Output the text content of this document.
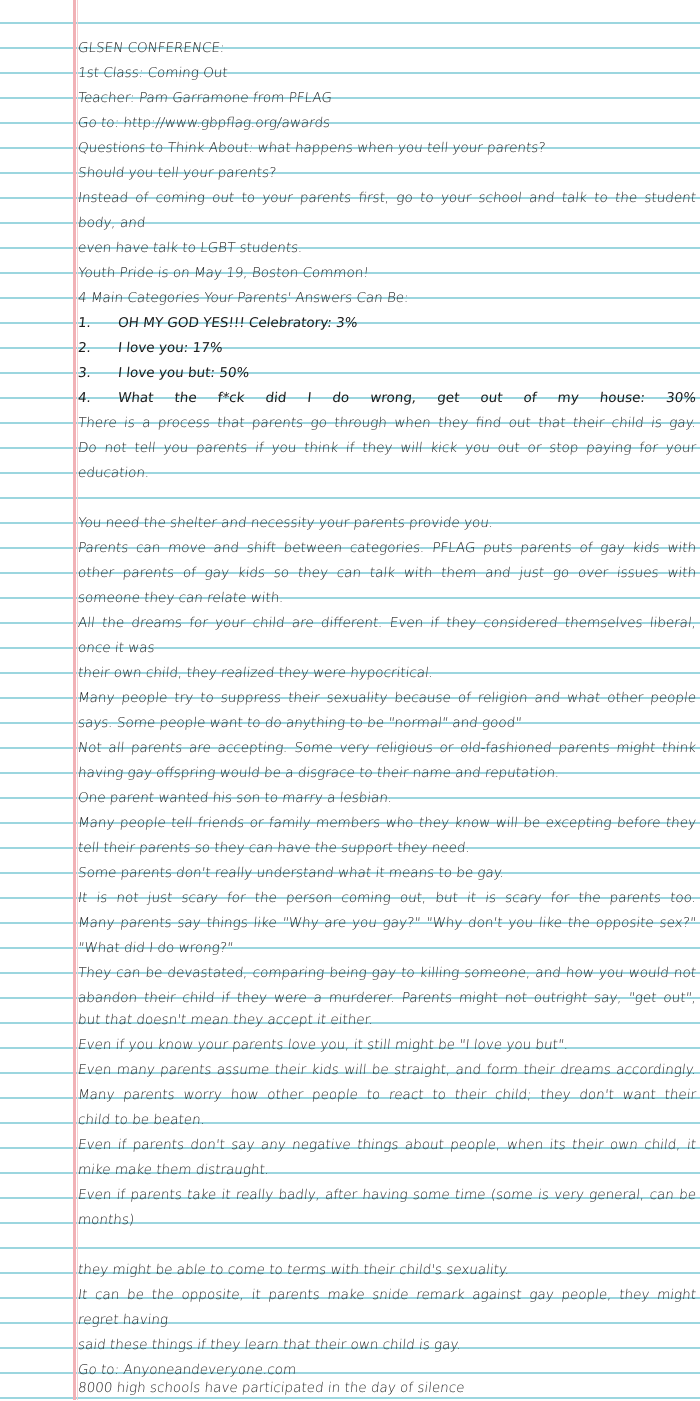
GLSEN CONFERENCE:
1st Class: Coming Out
Teacher: Pam Garramone from PFLAG
Go to: http://www.gbpflag.org/awards
Questions to Think About: what happens when you tell your parents?
Should you tell your parents?
Instead of coming out to your parents first, go to your school and talk to the student
body, and
even have talk to LGBT students.
Youth Pride is on May 19, Boston Common!
4 Main Categories Your Parents' Answers Can Be:
1.	OH MY GOD YES!!! Celebratory: 3%
2.	I love you: 17%
3.	I love you but: 50%
4.	What the f*ck did I do wrong, get out of my house: 30%
There is a process that parents go through when they find out that their child is gay.
Do not tell you parents if you think if they will kick you out or stop paying for your
education.
You need the shelter and necessity your parents provide you.
Parents can move and shift between categories. PFLAG puts parents of gay kids with
other parents of gay kids so they can talk with them and just go over issues with
someone they can relate with.
All the dreams for your child are different. Even if they considered themselves liberal,
once it was
their own child, they realized they were hypocritical.
Many people try to suppress their sexuality because of religion and what other people
says. Some people want to do anything to be "normal" and good"
Not all parents are accepting. Some very religious or old-fashioned parents might think
having gay offspring would be a disgrace to their name and reputation.
One parent wanted his son to marry a lesbian.
Many people tell friends or family members who they know will be excepting before they
tell their parents so they can have the support they need.
Some parents don't really understand what it means to be gay.
It is not just scary for the person coming out, but it is scary for the parents too.
Many parents say things like "Why are you gay?" "Why don't you like the opposite sex?"
"What did I do wrong?"
They can be devastated, comparing being gay to killing someone, and how you would not
abandon their child if they were a murderer. Parents might not outright say, "get out",
but that doesn't mean they accept it either.
Even if you know your parents love you, it still might be "I love you but".
Even many parents assume their kids will be straight, and form their dreams accordingly.
Many parents worry how other people to react to their child; they don't want their
child to be beaten.
Even if parents don't say any negative things about people, when its their own child, it
mike make them distraught.
Even if parents take it really badly, after having some time (some is very general, can be
months)
they might be able to come to terms with their child's sexuality.
It can be the opposite, it parents make snide remark against gay people, they might
regret having
said these things if they learn that their own child is gay.
Go to: Anyoneandeveryone.com
8000 high schools have participated in the day of silence
